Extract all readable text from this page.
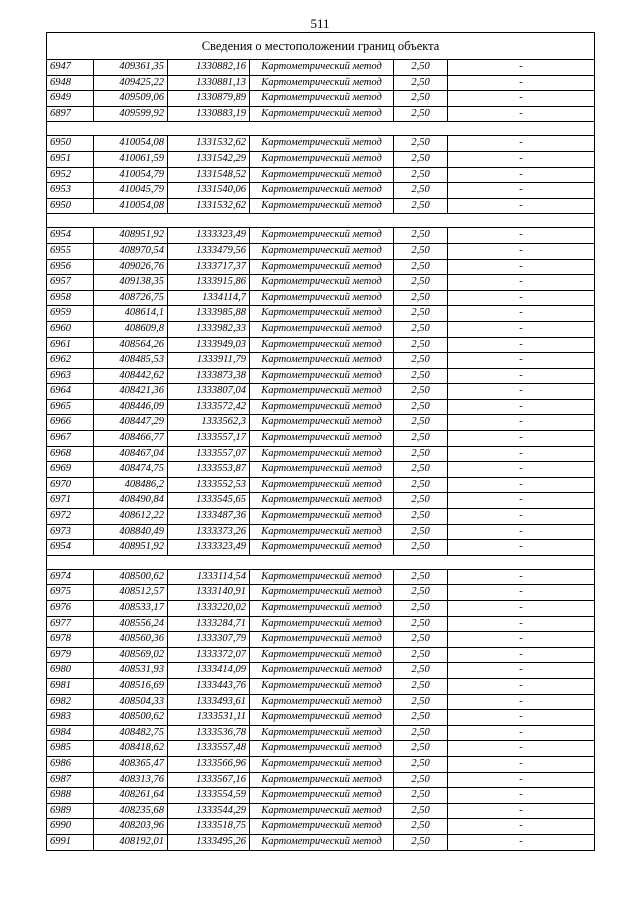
511
Сведения о местоположении границ объекта					
6947	409361,35	1330882,16	Картометрический метод	2,50	-
6948	409425,22	1330881,13	Картометрический метод	2,50	-
6949	409509,06	1330879,89	Картометрический метод	2,50	-
6897	409599,92	1330883,19	Картометрический метод	2,50	-

6950	410054,08	1331532,62	Картометрический метод	2,50	-
6951	410061,59	1331542,29	Картометрический метод	2,50	-
6952	410054,79	1331548,52	Картометрический метод	2,50	-
6953	410045,79	1331540,06	Картометрический метод	2,50	-
6950	410054,08	1331532,62	Картометрический метод	2,50	-

6954	408951,92	1333323,49	Картометрический метод	2,50	-
6955	408970,54	1333479,56	Картометрический метод	2,50	-
6956	409026,76	1333717,37	Картометрический метод	2,50	-
6957	409138,35	1333915,86	Картометрический метод	2,50	-
6958	408726,75	1334114,7	Картометрический метод	2,50	-
6959	408614,1	1333985,88	Картометрический метод	2,50	-
6960	408609,8	1333982,33	Картометрический метод	2,50	-
6961	408564,26	1333949,03	Картометрический метод	2,50	-
6962	408485,53	1333911,79	Картометрический метод	2,50	-
6963	408442,62	1333873,38	Картометрический метод	2,50	-
6964	408421,36	1333807,04	Картометрический метод	2,50	-
6965	408446,09	1333572,42	Картометрический метод	2,50	-
6966	408447,29	1333562,3	Картометрический метод	2,50	-
6967	408466,77	1333557,17	Картометрический метод	2,50	-
6968	408467,04	1333557,07	Картометрический метод	2,50	-
6969	408474,75	1333553,87	Картометрический метод	2,50	-
6970	408486,2	1333552,53	Картометрический метод	2,50	-
6971	408490,84	1333545,65	Картометрический метод	2,50	-
6972	408612,22	1333487,36	Картометрический метод	2,50	-
6973	408840,49	1333373,26	Картометрический метод	2,50	-
6954	408951,92	1333323,49	Картометрический метод	2,50	-

6974	408500,62	1333114,54	Картометрический метод	2,50	-
6975	408512,57	1333140,91	Картометрический метод	2,50	-
6976	408533,17	1333220,02	Картометрический метод	2,50	-
6977	408556,24	1333284,71	Картометрический метод	2,50	-
6978	408560,36	1333307,79	Картометрический метод	2,50	-
6979	408569,02	1333372,07	Картометрический метод	2,50	-
6980	408531,93	1333414,09	Картометрический метод	2,50	-
6981	408516,69	1333443,76	Картометрический метод	2,50	-
6982	408504,33	1333493,61	Картометрический метод	2,50	-
6983	408500,62	1333531,11	Картометрический метод	2,50	-
6984	408482,75	1333536,78	Картометрический метод	2,50	-
6985	408418,62	1333557,48	Картометрический метод	2,50	-
6986	408365,47	1333566,96	Картометрический метод	2,50	-
6987	408313,76	1333567,16	Картометрический метод	2,50	-
6988	408261,64	1333554,59	Картометрический метод	2,50	-
6989	408235,68	1333544,29	Картометрический метод	2,50	-
6990	408203,96	1333518,75	Картометрический метод	2,50	-
6991	408192,01	1333495,26	Картометрический метод	2,50	-
